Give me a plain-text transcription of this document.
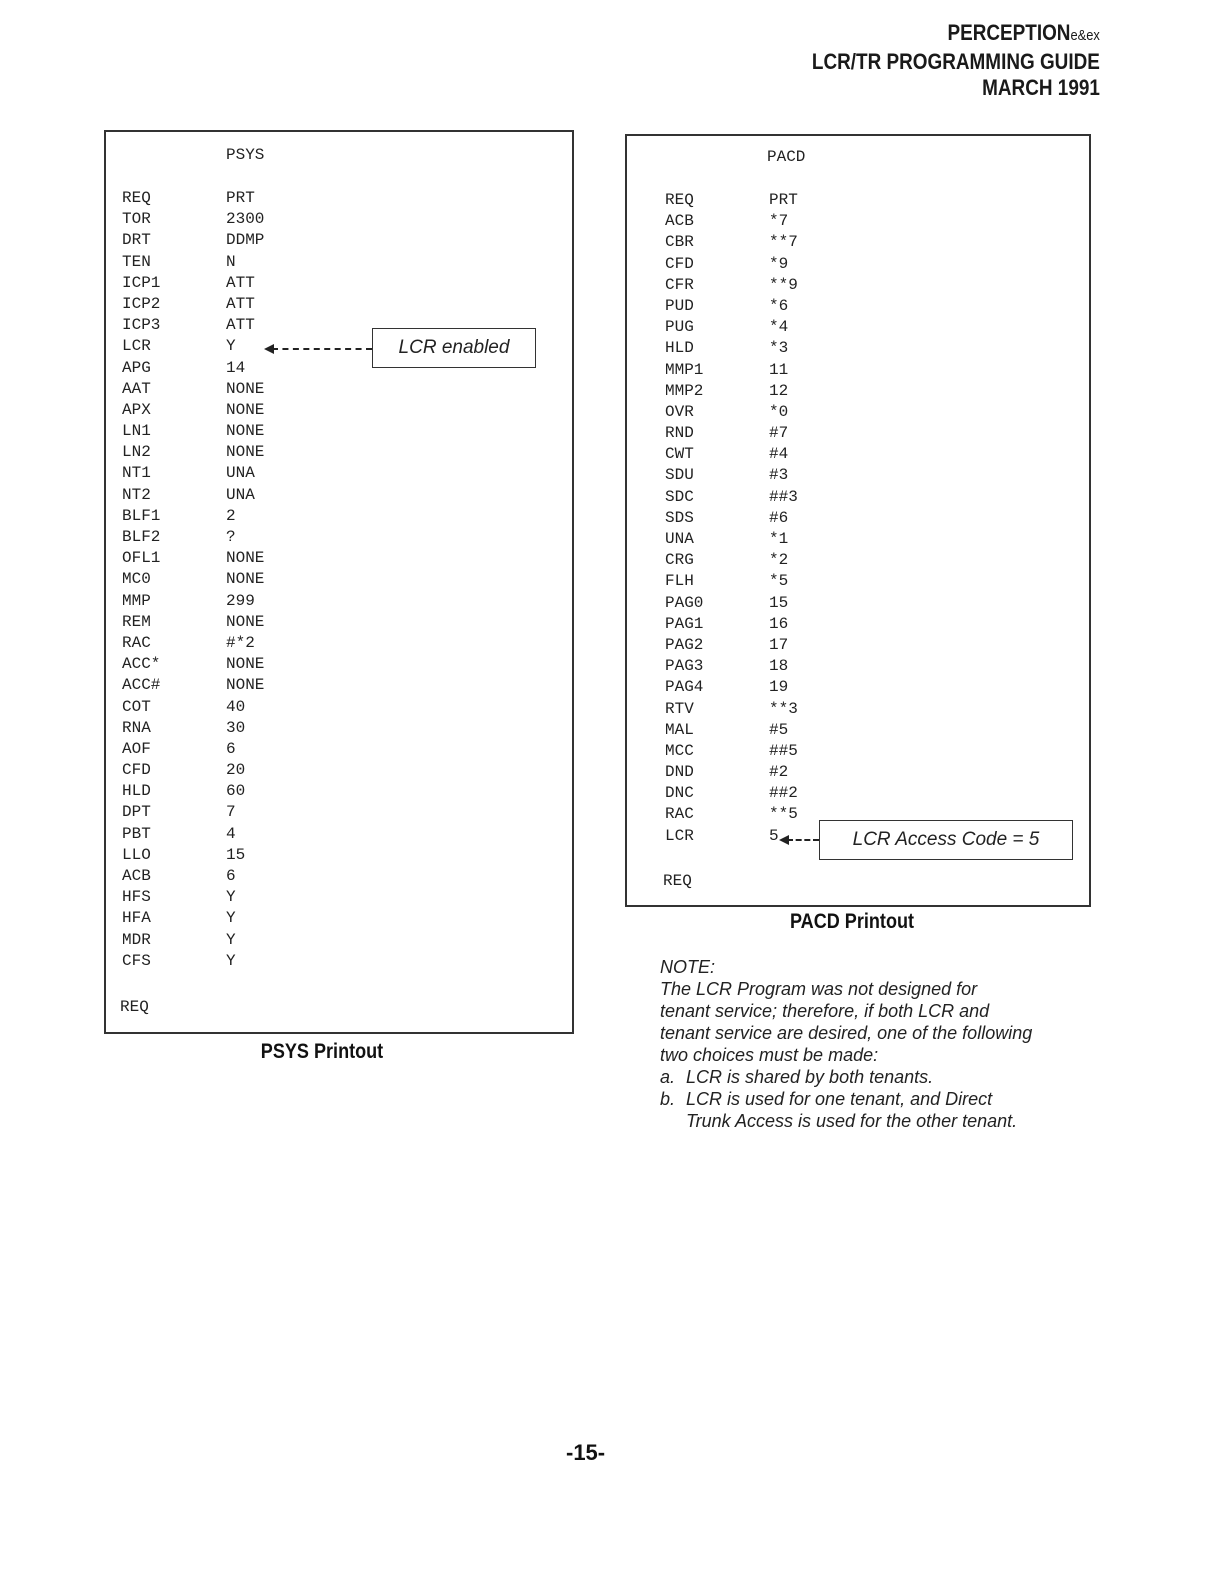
PERCEPTIONe&ex
LCR/TR PROGRAMMING GUIDE
MARCH 1991
PSYS
REQ	PRT
TOR	2300
DRT	DDMP
TEN	N
ICP1	ATT
ICP2	ATT
ICP3	ATT
LCR	Y
APG	14
AAT	NONE
APX	NONE
LN1	NONE
LN2	NONE
NT1	UNA
NT2	UNA
BLF1	2
BLF2	?
OFL1	NONE
MC0	NONE
MMP	299
REM	NONE
RAC	#*2
ACC*	NONE
ACC#	NONE
COT	40
RNA	30
AOF	6
CFD	20
HLD	60
DPT	7
PBT	4
LLO	15
ACB	6
HFS	Y
HFA	Y
MDR	Y
CFS	Y
REQ
LCR enabled
PSYS Printout
PACD
REQ	PRT
ACB	*7
CBR	**7
CFD	*9
CFR	**9
PUD	*6
PUG	*4
HLD	*3
MMP1	11
MMP2	12
OVR	*0
RND	#7
CWT	#4
SDU	#3
SDC	##3
SDS	#6
UNA	*1
CRG	*2
FLH	*5
PAG0	15
PAG1	16
PAG2	17
PAG3	18
PAG4	19
RTV	**3
MAL	#5
MCC	##5
DND	#2
DNC	##2
RAC	**5
LCR	5
REQ
LCR Access Code = 5
PACD Printout
NOTE:
The LCR Program was not designed for
tenant service; therefore, if both LCR and
tenant service are desired, one of the following
two choices must be made:
a. LCR is shared by both tenants.
b. LCR is used for one tenant, and Direct
Trunk Access is used for the other tenant.
-15-
